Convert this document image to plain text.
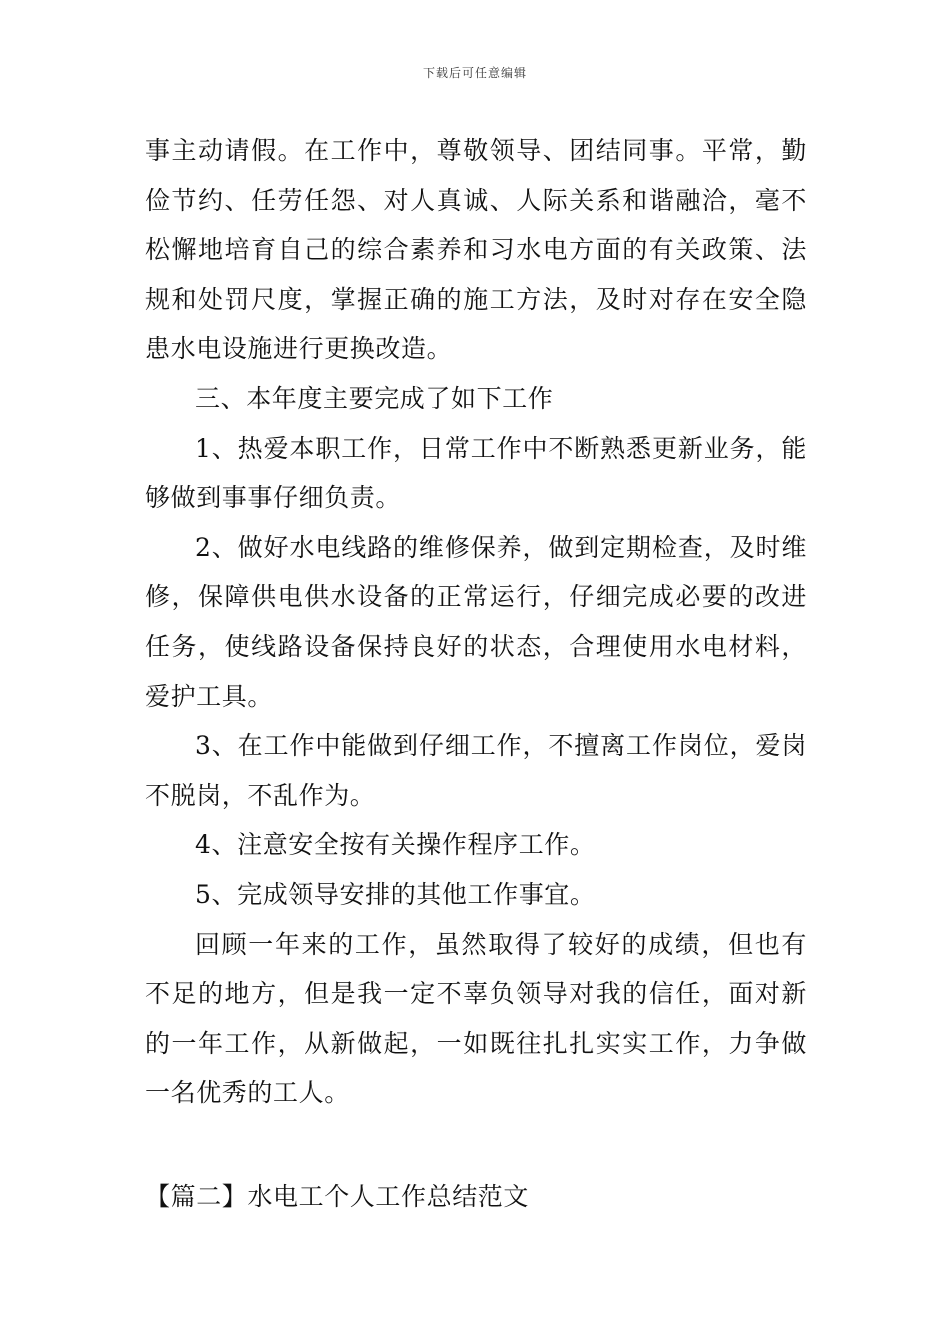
下载后可任意编辑

事主动请假。在工作中，尊敬领导、团结同事。平常，勤俭节约、任劳任怨、对人真诚、人际关系和谐融洽，毫不松懈地培育自己的综合素养和习水电方面的有关政策、法规和处罚尺度，掌握正确的施工方法，及时对存在安全隐患水电设施进行更换改造。

三、本年度主要完成了如下工作

1、热爱本职工作，日常工作中不断熟悉更新业务，能够做到事事仔细负责。

2、做好水电线路的维修保养，做到定期检查，及时维修，保障供电供水设备的正常运行，仔细完成必要的改进任务，使线路设备保持良好的状态，合理使用水电材料，爱护工具。

3、在工作中能做到仔细工作，不擅离工作岗位，爱岗不脱岗，不乱作为。

4、注意安全按有关操作程序工作。

5、完成领导安排的其他工作事宜。

回顾一年来的工作，虽然取得了较好的成绩，但也有不足的地方，但是我一定不辜负领导对我的信任，面对新的一年工作，从新做起，一如既往扎扎实实工作，力争做一名优秀的工人。

【篇二】水电工个人工作总结范文
